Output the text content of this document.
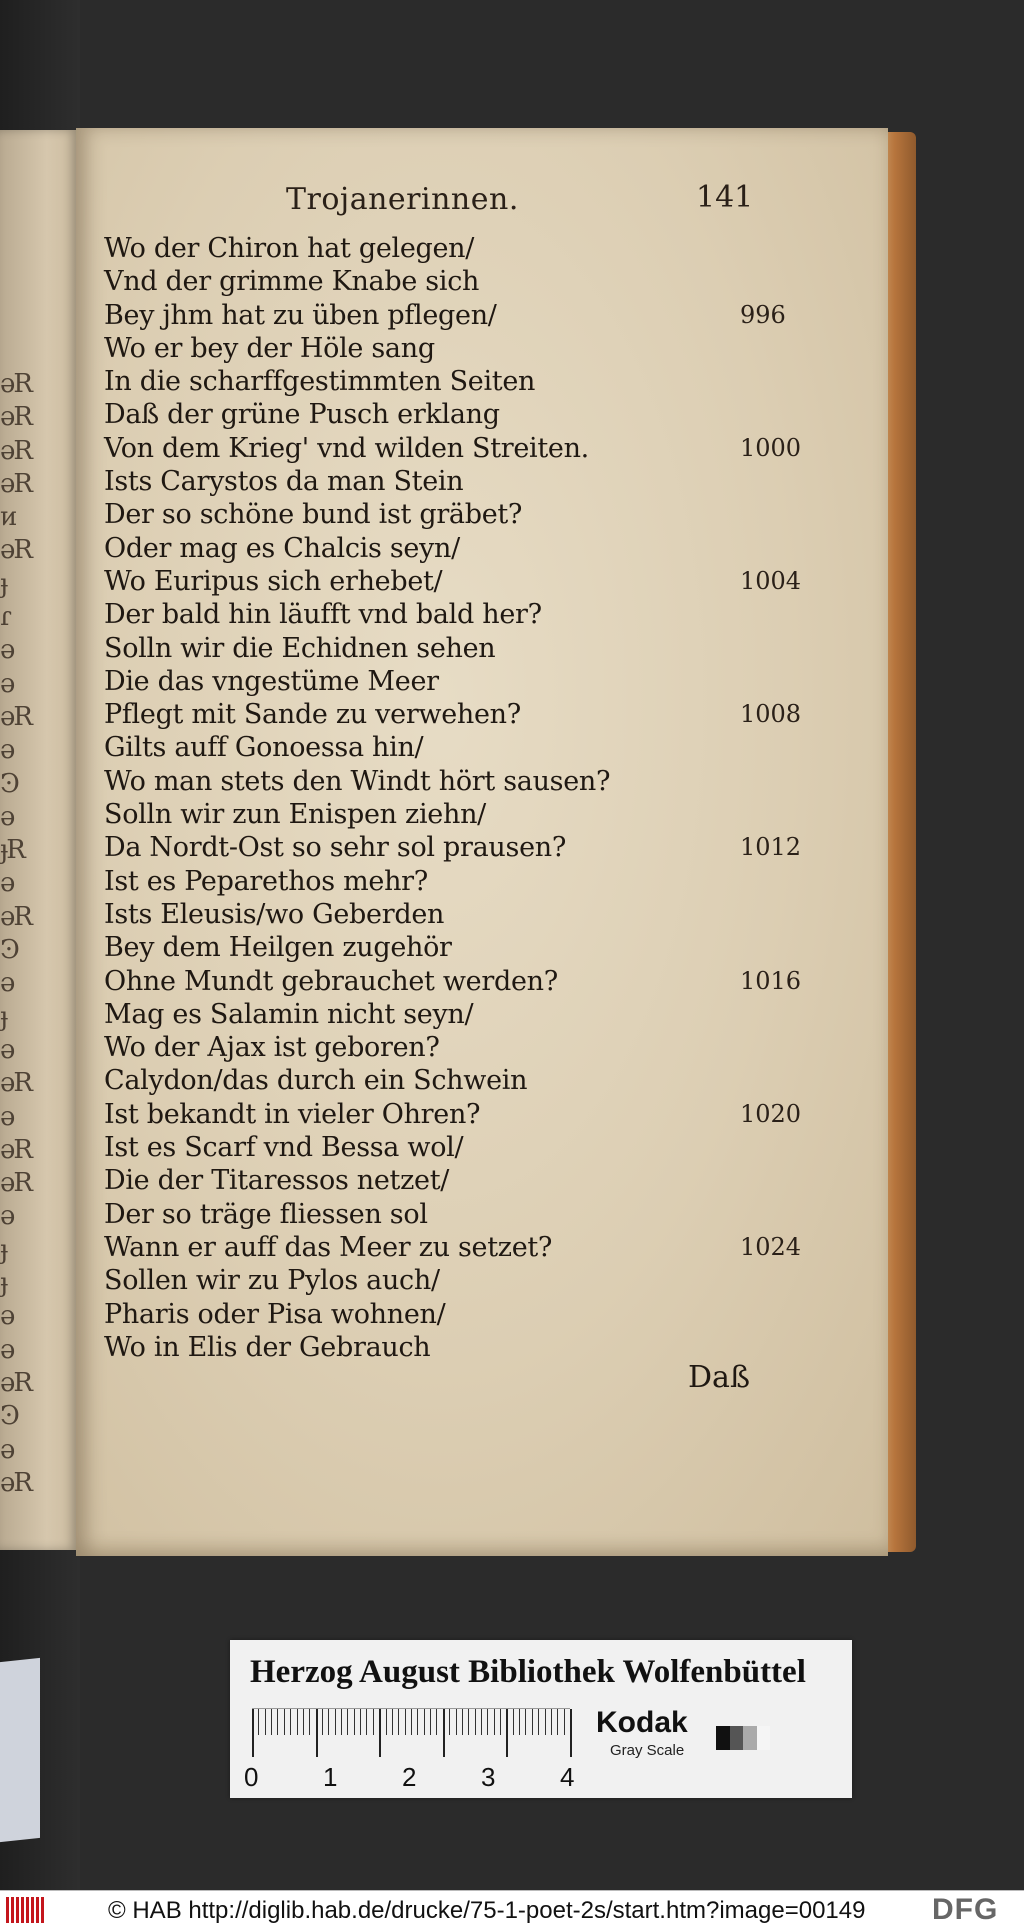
ǝR
ǝR
ǝR
ǝR
ᴎ
ǝR
ɟ
ɾ
ǝ
ǝ
ǝR
ǝ
Ͽ
ǝ
ɟR
ǝ
ǝR
Ͽ
ǝ
ɟ
ǝ
ǝR
ǝ
ǝR
ǝR
ǝ
ɟ
ɟ
ǝ
ǝ
ǝR
Ͽ
ǝ
ǝR
Trojanerinnen.	141
Wo der Chiron hat gelegen/
Vnd der grimme Knabe sich
Bey jhm hat zu üben pflegen/
Wo er bey der Höle sang
In die scharffgestimmten Seiten
Daß der grüne Pusch erklang
Von dem Krieg' vnd wilden Streiten.
Ists Carystos da man Stein
Der so schöne bund ist gräbet?
Oder mag es Chalcis seyn/
Wo Euripus sich erhebet/
Der bald hin läufft vnd bald her?
Solln wir die Echidnen sehen
Die das vngestüme Meer
Pflegt mit Sande zu verwehen?
Gilts auff Gonoessa hin/
Wo man stets den Windt hört sausen?
Solln wir zun Enispen ziehn/
Da Nordt-Ost so sehr sol prausen?
Ist es Peparethos mehr?
Ists Eleusis/wo Geberden
Bey dem Heilgen zugehör
Ohne Mundt gebrauchet werden?
Mag es Salamin nicht seyn/
Wo der Ajax ist geboren?
Calydon/das durch ein Schwein
Ist bekandt in vieler Ohren?
Ist es Scarf vnd Bessa wol/
Die der Titaressos netzet/
Der so träge fliessen sol
Wann er auff das Meer zu setzet?
Sollen wir zu Pylos auch/
Pharis oder Pisa wohnen/
Wo in Elis der Gebrauch
996
1000
1004
1008
1012
1016
1020
1024
Daß
Herzog August Bibliothek Wolfenbüttel
0 1 2 3 4
Kodak
Gray Scale
© HAB http://diglib.hab.de/drucke/75-1-poet-2s/start.htm?image=00149 DFG
